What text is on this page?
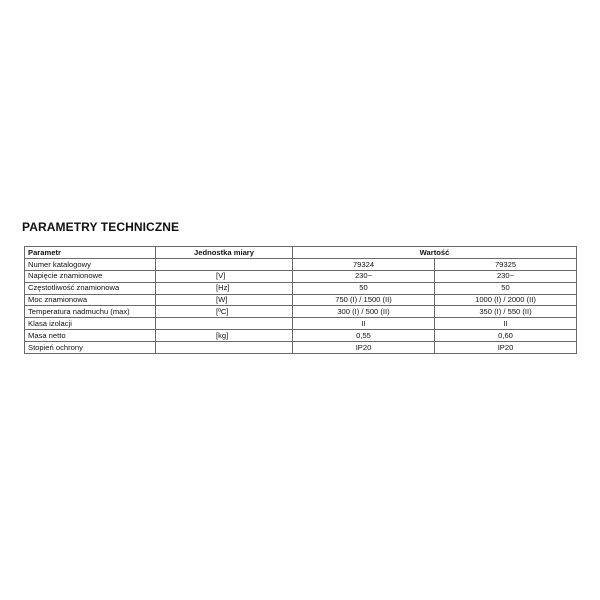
PARAMETRY TECHNICZNE
Parametr	Jednostka miary	Wartość	
Numer katalogowy		79324	79325
Napięcie znamionowe	[V]	230~	230~
Częstotliwość znamionowa	[Hz]	50	50
Moc znamionowa	[W]	750 (I) / 1500 (II)	1000 (I) / 2000 (II)
Temperatura nadmuchu (max)	[ºC]	300 (I) / 500 (II)	350 (I) / 550 (II)
Klasa izolacji		II	II
Masa netto	[kg]	0,55	0,60
Stopień ochrony		IP20	IP20
